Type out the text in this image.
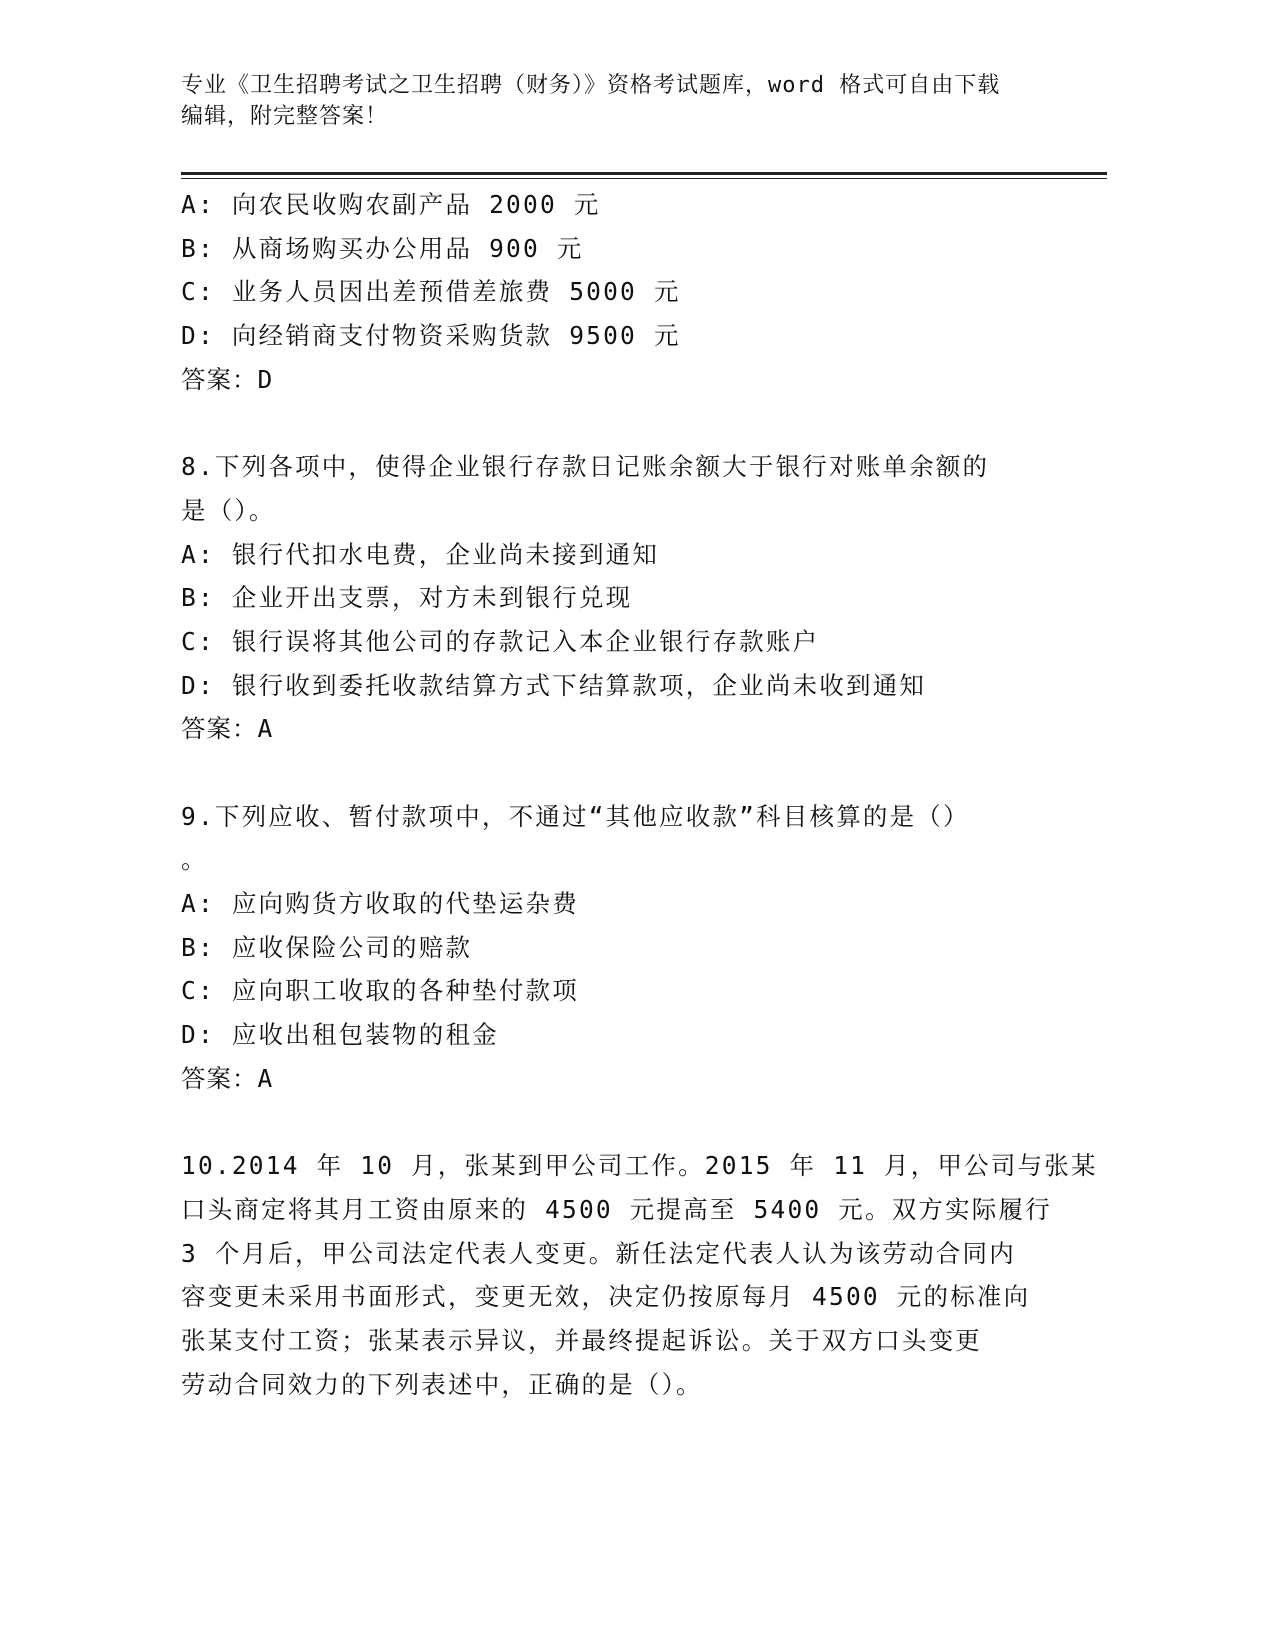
专业《卫生招聘考试之卫生招聘（财务）》资格考试题库，word 格式可自由下载
编辑，附完整答案！
A: 向农民收购农副产品 2000 元
B: 从商场购买办公用品 900 元
C: 业务人员因出差预借差旅费 5000 元
D: 向经销商支付物资采购货款 9500 元
答案：D
8.下列各项中，使得企业银行存款日记账余额大于银行对账单余额的
是（）。
A: 银行代扣水电费，企业尚未接到通知
B: 企业开出支票，对方未到银行兑现
C: 银行误将其他公司的存款记入本企业银行存款账户
D: 银行收到委托收款结算方式下结算款项，企业尚未收到通知
答案：A
9.下列应收、暂付款项中，不通过“其他应收款”科目核算的是（）
。
A: 应向购货方收取的代垫运杂费
B: 应收保险公司的赔款
C: 应向职工收取的各种垫付款项
D: 应收出租包装物的租金
答案：A
10.2014 年 10 月，张某到甲公司工作。2015 年 11 月，甲公司与张某
口头商定将其月工资由原来的 4500 元提高至 5400 元。双方实际履行
3 个月后，甲公司法定代表人变更。新任法定代表人认为该劳动合同内
容变更未采用书面形式，变更无效，决定仍按原每月 4500 元的标准向
张某支付工资；张某表示异议，并最终提起诉讼。关于双方口头变更
劳动合同效力的下列表述中，正确的是（）。
